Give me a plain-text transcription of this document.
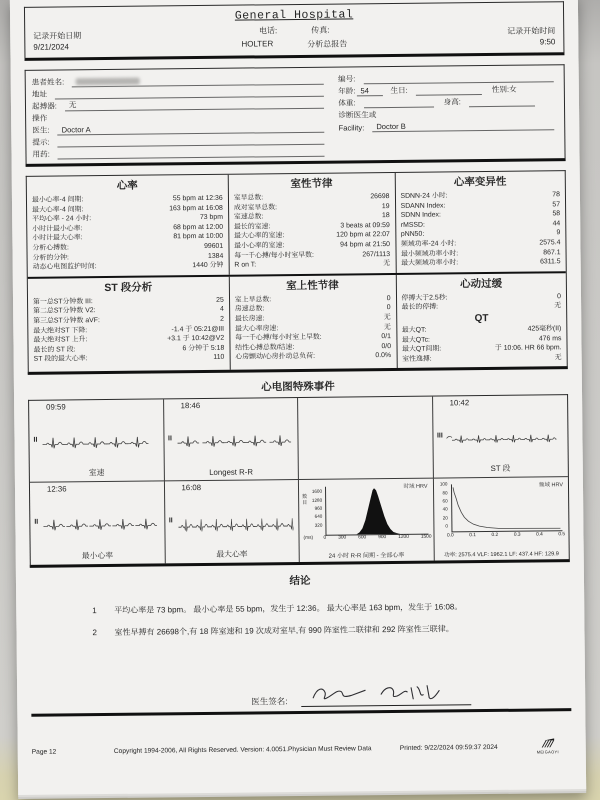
记录开始日期
9/21/2024
General Hospital
电话:	传真:
HOLTER	分析总报告
记录开始时间
9:50
患者姓名:
地址
起搏器: 无
操作
医生: Doctor A
提示:
用药:
编号:
年龄: 54	生日:	性别: 女
体重:	身高:
诊断医生或
Facility: Doctor B
心率
最小心率-4 间期:	55 bpm at 12:36
最大心率-4 间期:	163 bpm at 16:08
平均心率 - 24 小时:	73 bpm
小时计最小心率:	68 bpm at 12:00
小时计最大心率:	81 bpm at 10:00
分析心搏数:	99601
分析的分钟:	1384
动态心电图监护时间:	1440 分钟
室性节律
室早总数:	26698
成对室早总数:	19
室速总数:	18
最长的室速:	3 beats at 09:59
最大心率的室速:	120 bpm at 22:07
最小心率的室速:	94 bpm at 21:50
每一千心搏/每小时室早数:	267/1113
R on T:	无
心率变异性
SDNN-24 小时:	78
SDANN Index:	57
SDNN Index:	58
rMSSD:	44
pNN50:	9
频域功率-24 小时:	2575.4
最小频域功率小时:	867.1
最大频域功率小时:	6311.5
ST 段分析
第一总ST分钟数 III:	25
第二总ST分钟数 V2:	4
第三总ST分钟数 aVF:	2
最大绝对ST 下降:	-1.4 于 05:21@III
最大绝对ST 上升:	+3.1 于 10:42@V2
最长的 ST 段:	6 分钟于 5:18
ST 段的最大心率:	110
室上性节律
室上早总数:	0
房速总数:	0
最长房速:	无
最大心率房速:	无
每一千心搏/每小时室上早数:	0/1
结性心搏总数/结速:	0/0
心房颤动/心房扑动总负荷:	0.0%
心动过缓
停搏大于2.5秒:	0
最长的停搏:	无
QT
最大QT:	425毫秒(II)
最大QTc:	476 ms
最大QT间期:	于 10:06. HR 66 bpm.
室性逸搏:	无
心电图特殊事件
09:59
II
室速
18:46
II
Longest R-R
10:42
III
ST 段
12:36
II
最小心率
16:08
II
最大心率
时域 HRV
数目
1600
1280
960
640
320
0 300 600 900 1200 1500
(ms)
24 小时 R-R 间期 - 全部心率
频域 HRV
100
80
60
40
20
0
0.0	0.1	0.2	0.3	0.4	0.5
功率: 2575.4 VLF: 1962.1 LF: 437.4 HF: 129.9
结论
1	平均心率是 73 bpm。 最小心率是 55 bpm，发生于 12:36。 最大心率是 163 bpm，发生于 16:08。
2	室性早搏有 26698个,有 18 阵室速和 19 次成对室早,有 990 阵室性二联律和 292 阵室性三联律。
医生签名:
Page 12	Copyright 1994-2006, All Rights Reserved. Version: 4.0051.Physician Must Review Data	Printed: 9/22/2024 09:59:37 2024
MEIGAOYI
